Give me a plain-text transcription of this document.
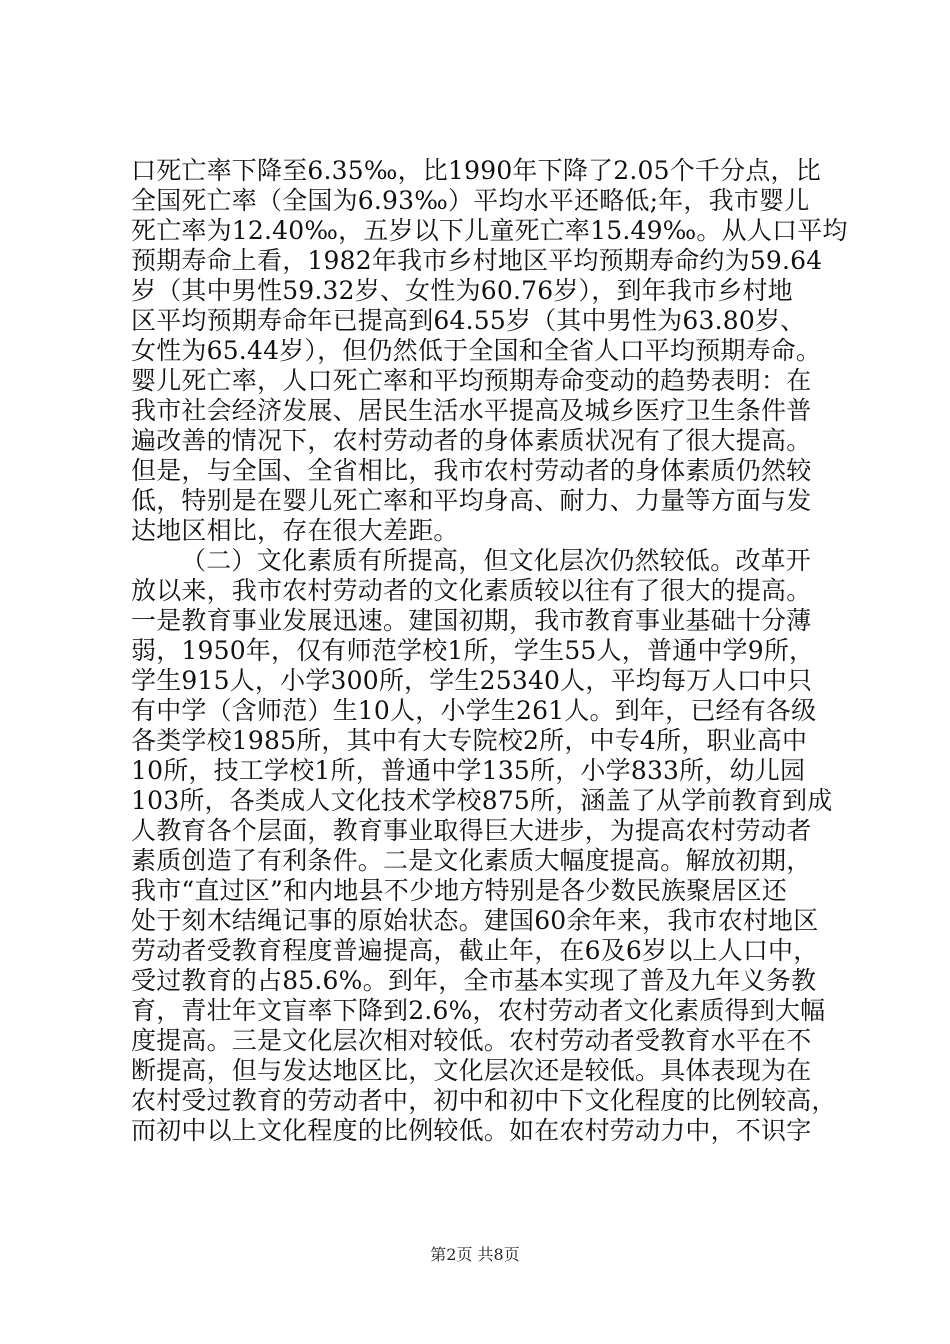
口死亡率下降至6.35‰，比1990年下降了2.05个千分点，比
全国死亡率（全国为6.93‰）平均水平还略低;年，我市婴儿
死亡率为12.40‰，五岁以下儿童死亡率15.49‰。从人口平均
预期寿命上看，1982年我市乡村地区平均预期寿命约为59.64
岁（其中男性59.32岁、女性为60.76岁），到年我市乡村地
区平均预期寿命年已提高到64.55岁（其中男性为63.80岁、
女性为65.44岁），但仍然低于全国和全省人口平均预期寿命。
婴儿死亡率，人口死亡率和平均预期寿命变动的趋势表明：在
我市社会经济发展、居民生活水平提高及城乡医疗卫生条件普
遍改善的情况下，农村劳动者的身体素质状况有了很大提高。
但是，与全国、全省相比，我市农村劳动者的身体素质仍然较
低，特别是在婴儿死亡率和平均身高、耐力、力量等方面与发
达地区相比，存在很大差距。
（二）文化素质有所提高，但文化层次仍然较低。改革开
放以来，我市农村劳动者的文化素质较以往有了很大的提高。
一是教育事业发展迅速。建国初期，我市教育事业基础十分薄
弱，1950年，仅有师范学校1所，学生55人，普通中学9所，
学生915人，小学300所，学生25340人，平均每万人口中只
有中学（含师范）生10人，小学生261人。到年，已经有各级
各类学校1985所，其中有大专院校2所，中专4所，职业高中
10所，技工学校1所，普通中学135所，小学833所，幼儿园
103所，各类成人文化技术学校875所，涵盖了从学前教育到成
人教育各个层面，教育事业取得巨大进步，为提高农村劳动者
素质创造了有利条件。二是文化素质大幅度提高。解放初期，
我市“直过区”和内地县不少地方特别是各少数民族聚居区还
处于刻木结绳记事的原始状态。建国60余年来，我市农村地区
劳动者受教育程度普遍提高，截止年，在6及6岁以上人口中，
受过教育的占85.6%。到年，全市基本实现了普及九年义务教
育，青壮年文盲率下降到2.6%，农村劳动者文化素质得到大幅
度提高。三是文化层次相对较低。农村劳动者受教育水平在不
断提高，但与发达地区比，文化层次还是较低。具体表现为在
农村受过教育的劳动者中，初中和初中下文化程度的比例较高，
而初中以上文化程度的比例较低。如在农村劳动力中，不识字
第2页 共8页
